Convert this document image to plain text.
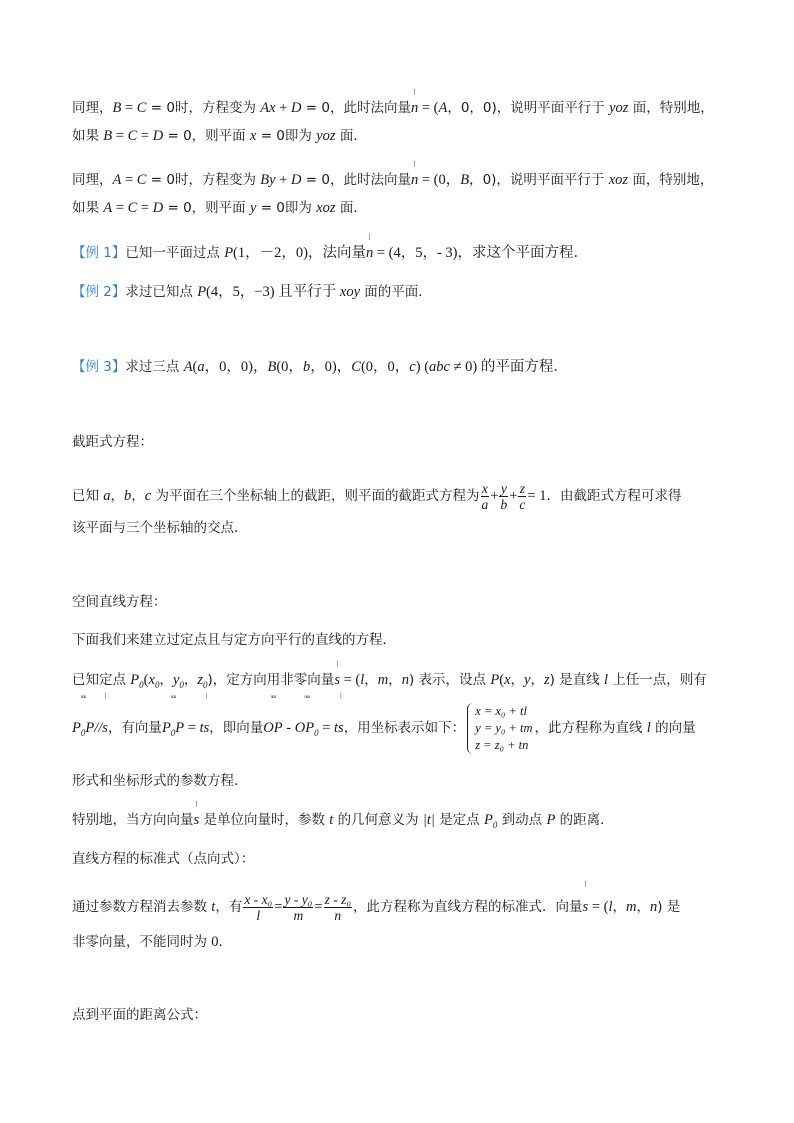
同理，B = C = 0时，方程变为 Ax + D = 0，此时法向量
ǀ
n = (A，0，0)，说明平面平行于 yoz 面，特别地，
如果 B = C = D = 0，则平面 x = 0即为 yoz 面．
同理，A = C = 0时，方程变为 By + D = 0，此时法向量
ǀ
n = (0，B，0)，说明平面平行于 xoz 面，特别地，
如果 A = C = D = 0，则平面 y = 0即为 xoz 面．
【例 1】已知一平面过点 P(1，－2，0)，法向量
ǀ
n = (4，5，- 3)，求这个平面方程．
【例 2】求过已知点 P(4，5，−3) 且平行于 xoy 面的平面．
【例 3】求过三点 A(a，0，0)，B(0，b，0)，C(0，0，c) (abc ≠ 0) 的平面方程．
截距式方程：
已知 a，b，c 为平面在三个坐标轴上的截距，则平面的截距式方程为 $\frac{x}{a} + \frac{y}{b} + \frac{z}{c} = 1$．由截距式方程可求得
该平面与三个坐标轴的交点．
空间直线方程：
下面我们来建立过定点且与定方向平行的直线的方程．
已知定点 $P_0(x_0$，$y_0$，$z_0$)，定方向用非零向量
ǀ
s = (l，m，n) 表示，设点 P(x，y，z) 是直线 l 上任一点，则有
ᵘᵘᵘ
$P_0P//$
ǀ
s，有向量
ᵘᵘᵘ
$P_0P = t$
ǀ
s，即向量
ᵘᵘᵘ
OP -
ᵘᵘᵘ
$OP_0 = t$
ǀ
s，用坐标表示如下：
x = x₀ + tl
y = y₀ + tm
z = z₀ + tn
，此方程称为直线 l 的向量
形式和坐标形式的参数方程．
特别地，当方向向量
ǀ
s 是单位向量时，参数 t 的几何意义为 |t| 是定点 $P_0$ 到动点 P 的距离．
直线方程的标准式（点向式）：
通过参数方程消去参数 t，有 $\frac{\text{x - x₀}}{l} = \frac{\text{y - y₀}}{m} = \frac{\text{z - z₀}}{n}$ ，此方程称为直线方程的标准式．向量
ǀ
s = (l，m，n) 是
非零向量，不能同时为 0．
点到平面的距离公式：
